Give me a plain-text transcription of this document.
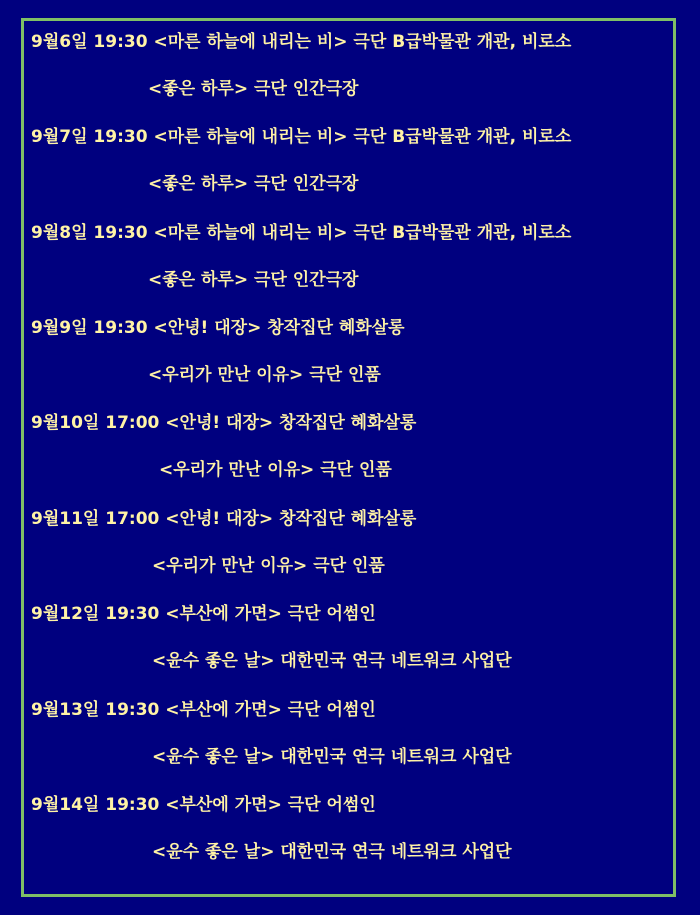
9월6일 19:30 <마른 하늘에 내리는 비> 극단 B급박물관 개관, 비로소
<좋은 하루> 극단 인간극장
9월7일 19:30 <마른 하늘에 내리는 비> 극단 B급박물관 개관, 비로소
<좋은 하루> 극단 인간극장
9월8일 19:30 <마른 하늘에 내리는 비> 극단 B급박물관 개관, 비로소
<좋은 하루> 극단 인간극장
9월9일 19:30 <안녕! 대장> 창작집단 혜화살롱
<우리가 만난 이유> 극단 인품
9월10일 17:00 <안녕! 대장> 창작집단 혜화살롱
<우리가 만난 이유> 극단 인품
9월11일 17:00 <안녕! 대장> 창작집단 혜화살롱
<우리가 만난 이유> 극단 인품
9월12일 19:30 <부산에 가면> 극단 어썸인
<윤수 좋은 날> 대한민국 연극 네트워크 사업단
9월13일 19:30 <부산에 가면> 극단 어썸인
<윤수 좋은 날> 대한민국 연극 네트워크 사업단
9월14일 19:30 <부산에 가면> 극단 어썸인
<윤수 좋은 날> 대한민국 연극 네트워크 사업단
